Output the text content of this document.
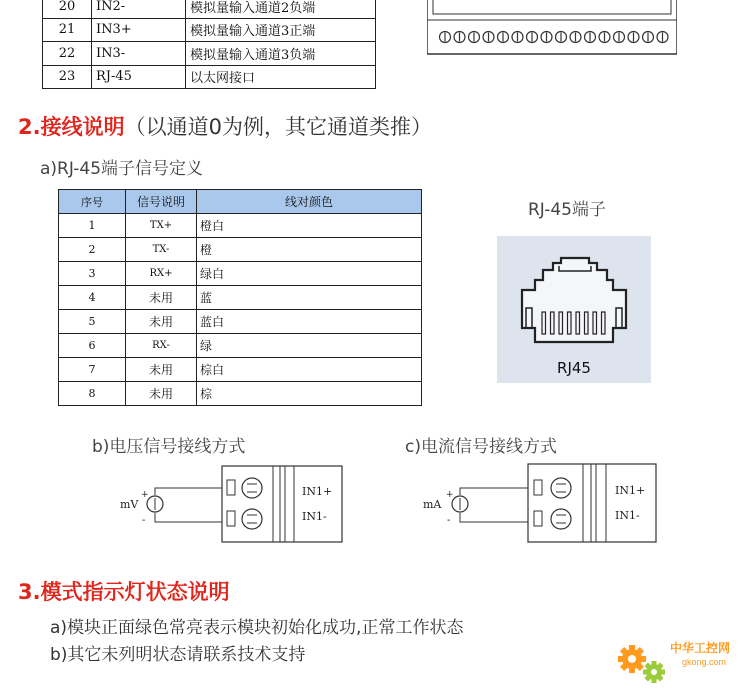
20	IN2-	模拟量输入通道2负端
21	IN3+	模拟量输入通道3正端
22	IN3-	模拟量输入通道3负端
23	RJ-45	以太网接口
2.接线说明（以通道0为例，其它通道类推）
a)RJ-45端子信号定义
序号	信号说明	线对颜色
1	TX+	橙白
2	TX-	橙
3	RX+	绿白
4	未用	蓝
5	未用	蓝白
6	RX-	绿
7	未用	棕白
8	未用	棕
RJ-45端子
RJ45
b)电压信号接线方式	c)电流信号接线方式
mV
+
-
IN1+
IN1-
mA
+
-
IN1+
IN1-
3.模式指示灯状态说明
a)模块正面绿色常亮表示模块初始化成功,正常工作状态
b)其它未列明状态请联系技术支持	中华工控网
gkong.com
